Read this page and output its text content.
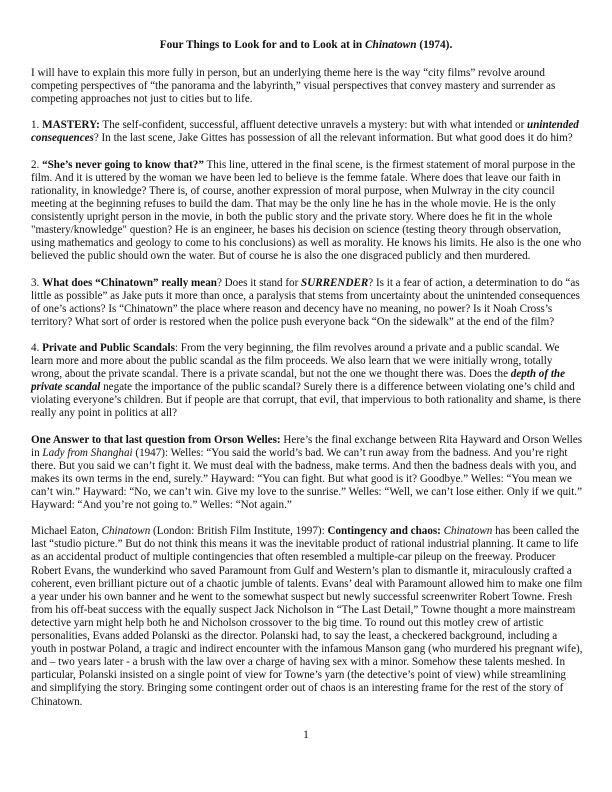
Four Things to Look for and to Look at in Chinatown (1974).

I will have to explain this more fully in person, but an underlying theme here is the way “city films” revolve around competing perspectives of “the panorama and the labyrinth,” visual perspectives that convey mastery and surrender as competing approaches not just to cities but to life.

1. MASTERY: The self-confident, successful, affluent detective unravels a mystery: but with what intended or unintended consequences? In the last scene, Jake Gittes has possession of all the relevant information. But what good does it do him?

2. “She’s never going to know that?” This line, uttered in the final scene, is the firmest statement of moral purpose in the film. And it is uttered by the woman we have been led to believe is the femme fatale. Where does that leave our faith in rationality, in knowledge? There is, of course, another expression of moral purpose, when Mulwray in the city council meeting at the beginning refuses to build the dam. That may be the only line he has in the whole movie. He is the only consistently upright person in the movie, in both the public story and the private story. Where does he fit in the whole "mastery/knowledge" question? He is an engineer, he bases his decision on science (testing theory through observation, using mathematics and geology to come to his conclusions) as well as morality. He knows his limits. He also is the one who believed the public should own the water. But of course he is also the one disgraced publicly and then murdered.

3. What does “Chinatown” really mean? Does it stand for SURRENDER? Is it a fear of action, a determination to do “as little as possible” as Jake puts it more than once, a paralysis that stems from uncertainty about the unintended consequences of one’s actions? Is “Chinatown” the place where reason and decency have no meaning, no power? Is it Noah Cross’s territory? What sort of order is restored when the police push everyone back “On the sidewalk” at the end of the film?

4. Private and Public Scandals: From the very beginning, the film revolves around a private and a public scandal. We learn more and more about the public scandal as the film proceeds. We also learn that we were initially wrong, totally wrong, about the private scandal. There is a private scandal, but not the one we thought there was. Does the depth of the private scandal negate the importance of the public scandal? Surely there is a difference between violating one’s child and violating everyone’s children. But if people are that corrupt, that evil, that impervious to both rationality and shame, is there really any point in politics at all?

One Answer to that last question from Orson Welles: Here’s the final exchange between Rita Hayward and Orson Welles in Lady from Shanghai (1947): Welles: “You said the world’s bad. We can’t run away from the badness. And you’re right there. But you said we can’t fight it. We must deal with the badness, make terms. And then the badness deals with you, and makes its own terms in the end, surely.” Hayward: “You can fight. But what good is it? Goodbye.” Welles: “You mean we can’t win.” Hayward: “No, we can’t win. Give my love to the sunrise.” Welles: “Well, we can’t lose either. Only if we quit.” Hayward: “And you’re not going to.” Welles: “Not again.”

Michael Eaton, Chinatown (London: British Film Institute, 1997): Contingency and chaos: Chinatown has been called the last “studio picture.” But do not think this means it was the inevitable product of rational industrial planning. It came to life as an accidental product of multiple contingencies that often resembled a multiple-car pileup on the freeway. Producer Robert Evans, the wunderkind who saved Paramount from Gulf and Western’s plan to dismantle it, miraculously crafted a coherent, even brilliant picture out of a chaotic jumble of talents. Evans’ deal with Paramount allowed him to make one film a year under his own banner and he went to the somewhat suspect but newly successful screenwriter Robert Towne. Fresh from his off-beat success with the equally suspect Jack Nicholson in “The Last Detail,” Towne thought a more mainstream detective yarn might help both he and Nicholson crossover to the big time. To round out this motley crew of artistic personalities, Evans added Polanski as the director. Polanski had, to say the least, a checkered background, including a youth in postwar Poland, a tragic and indirect encounter with the infamous Manson gang (who murdered his pregnant wife), and – two years later - a brush with the law over a charge of having sex with a minor. Somehow these talents meshed. In particular, Polanski insisted on a single point of view for Towne’s yarn (the detective’s point of view) while streamlining and simplifying the story. Bringing some contingent order out of chaos is an interesting frame for the rest of the story of Chinatown.

1
